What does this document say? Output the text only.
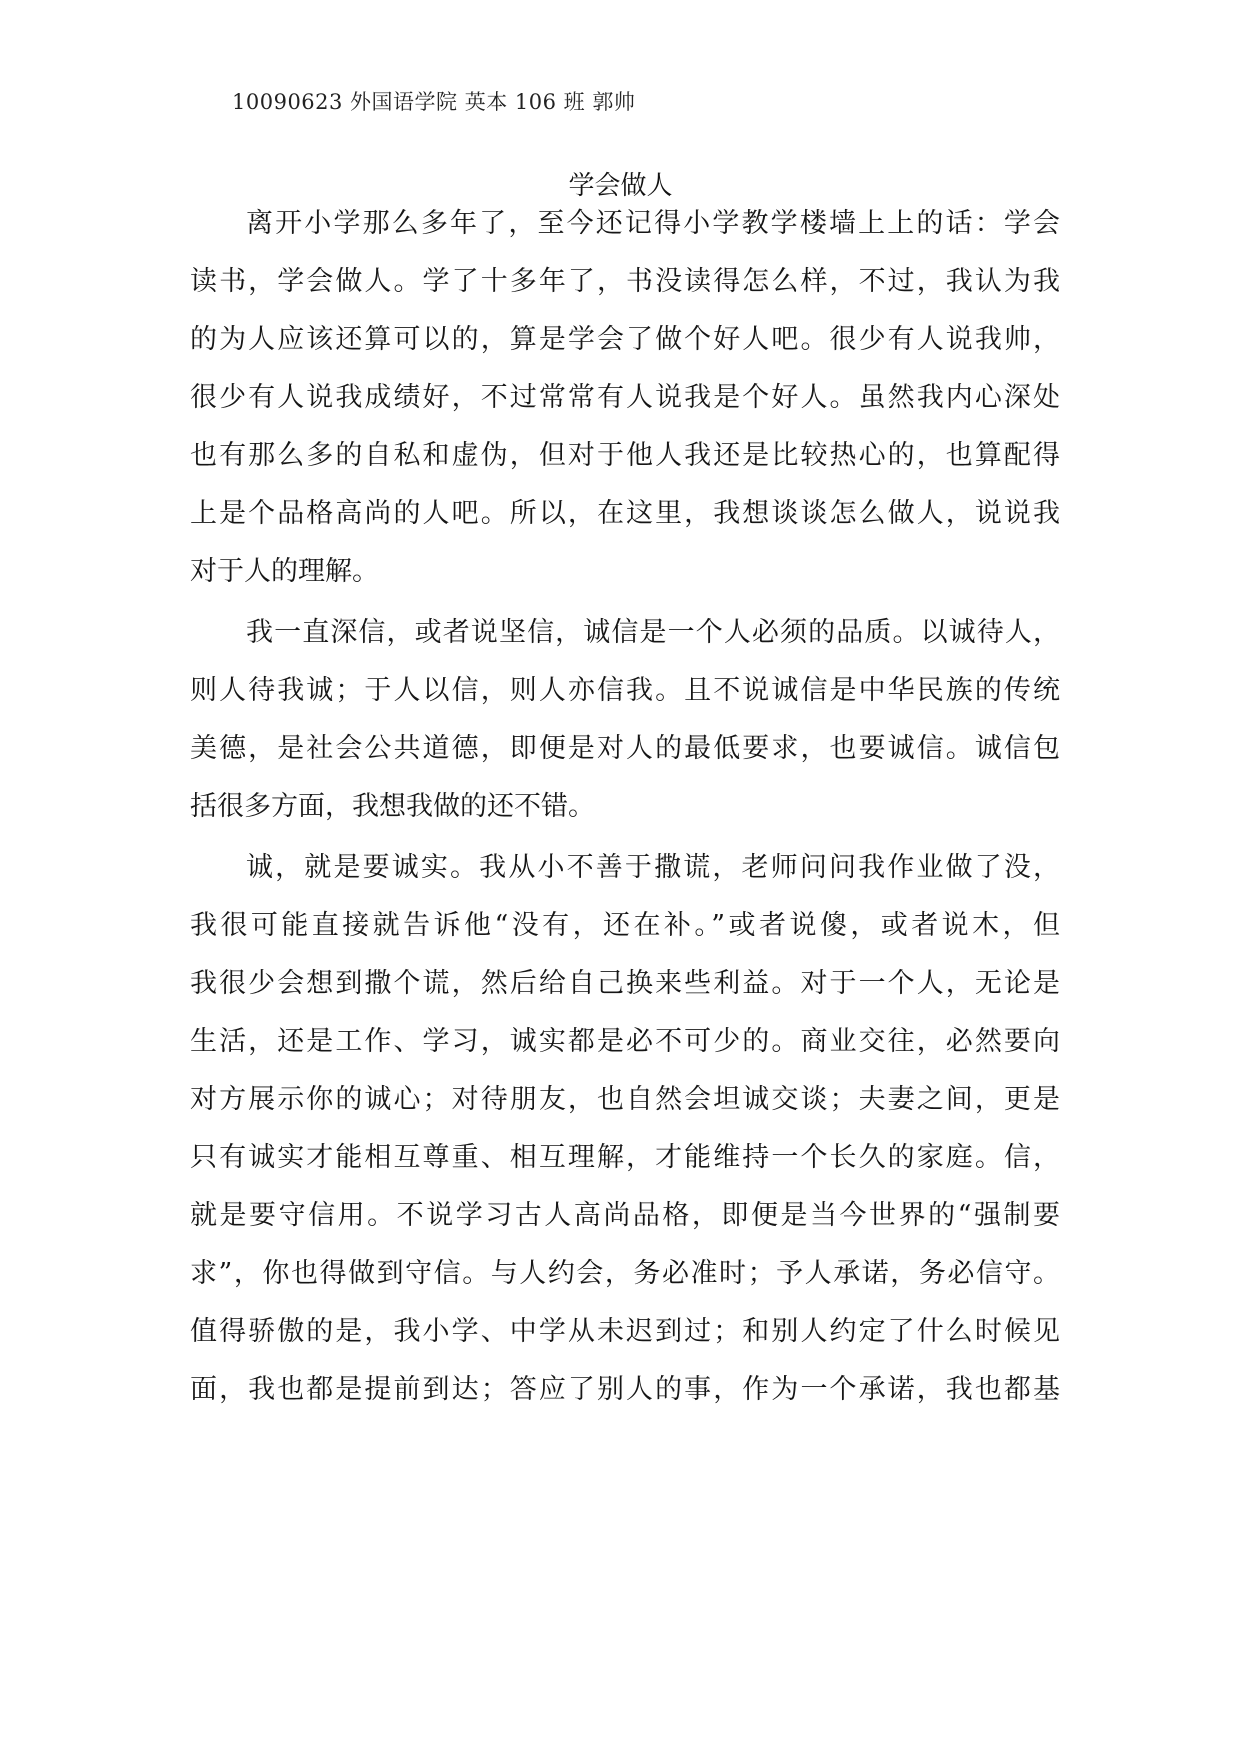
10090623 外国语学院 英本 106 班 郭帅
学会做人
离开小学那么多年了，至今还记得小学教学楼墙上上的话：学会
读书，学会做人。学了十多年了，书没读得怎么样，不过，我认为我
的为人应该还算可以的，算是学会了做个好人吧。很少有人说我帅，
很少有人说我成绩好，不过常常有人说我是个好人。虽然我内心深处
也有那么多的自私和虚伪，但对于他人我还是比较热心的，也算配得
上是个品格高尚的人吧。所以，在这里，我想谈谈怎么做人，说说我
对于人的理解。
我一直深信，或者说坚信，诚信是一个人必须的品质。以诚待人，
则人待我诚；于人以信，则人亦信我。且不说诚信是中华民族的传统
美德，是社会公共道德，即便是对人的最低要求，也要诚信。诚信包
括很多方面，我想我做的还不错。
诚，就是要诚实。我从小不善于撒谎，老师问问我作业做了没，
我很可能直接就告诉他“没有，还在补。”或者说傻，或者说木，但
我很少会想到撒个谎，然后给自己换来些利益。对于一个人，无论是
生活，还是工作、学习，诚实都是必不可少的。商业交往，必然要向
对方展示你的诚心；对待朋友，也自然会坦诚交谈；夫妻之间，更是
只有诚实才能相互尊重、相互理解，才能维持一个长久的家庭。信，
就是要守信用。不说学习古人高尚品格，即便是当今世界的“强制要
求”，你也得做到守信。与人约会，务必准时；予人承诺，务必信守。
值得骄傲的是，我小学、中学从未迟到过；和别人约定了什么时候见
面，我也都是提前到达；答应了别人的事，作为一个承诺，我也都基
